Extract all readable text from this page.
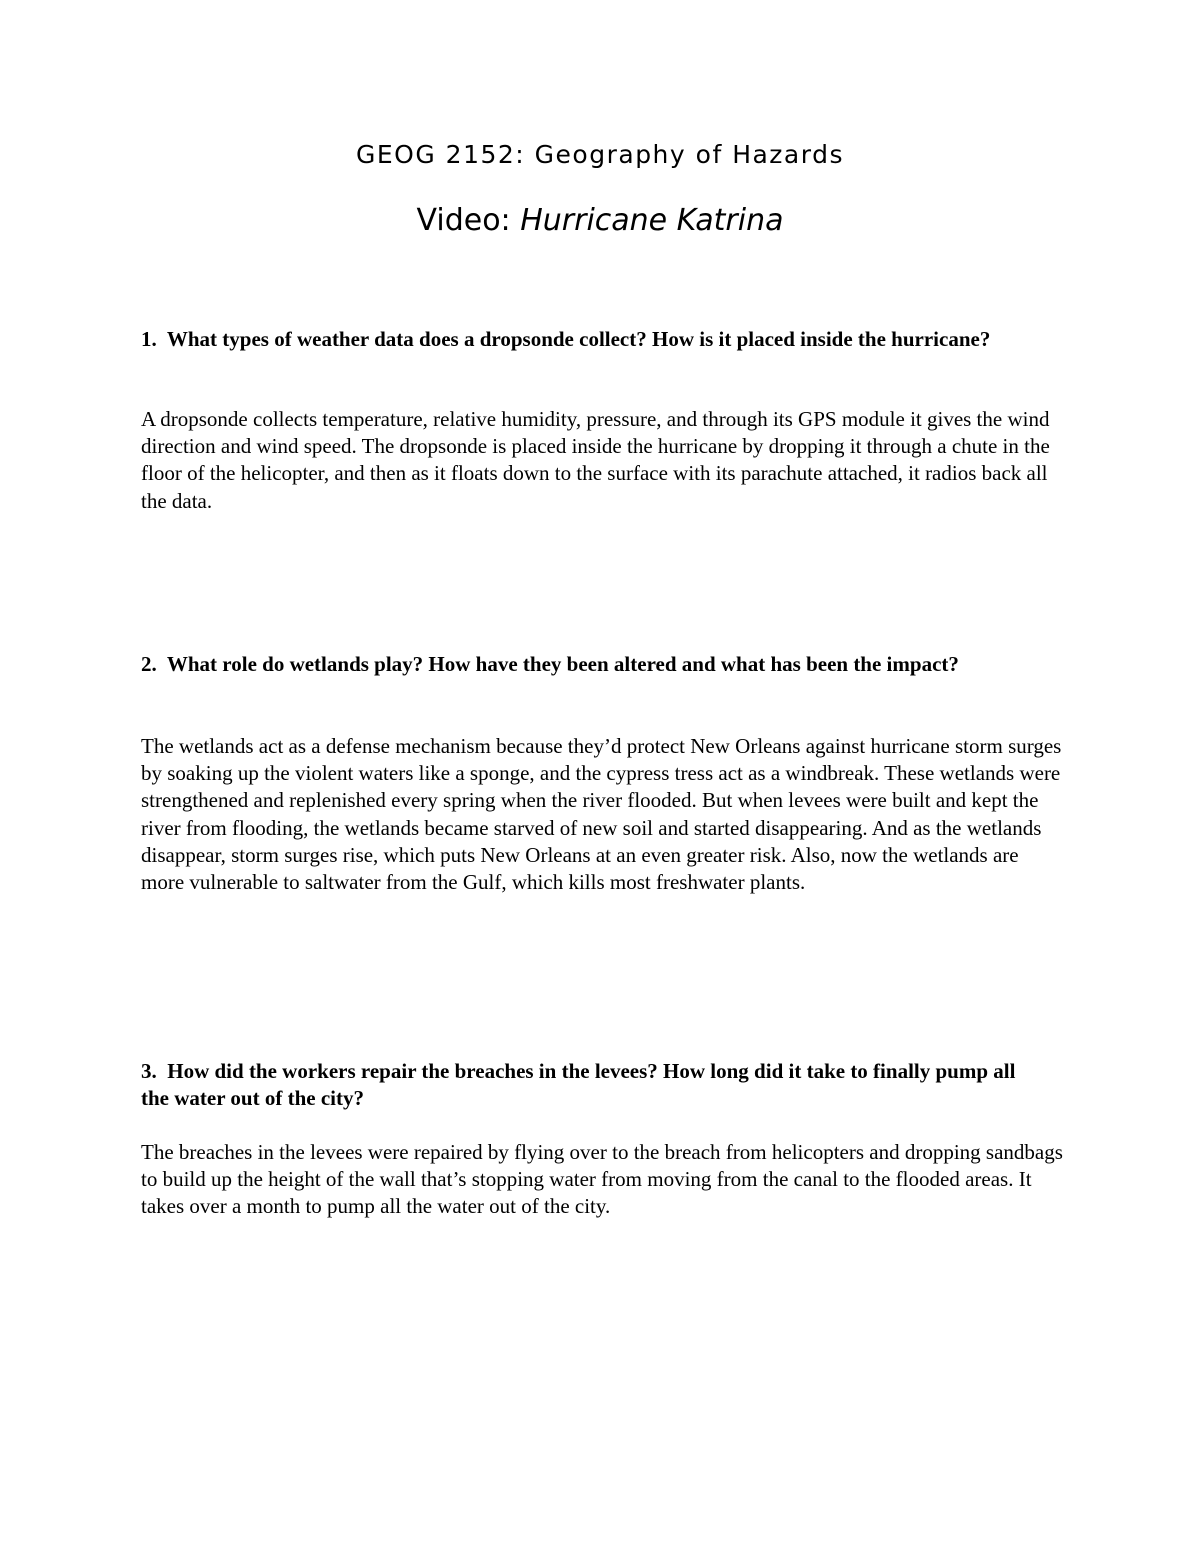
GEOG 2152: Geography of Hazards
Video: Hurricane Katrina

1. What types of weather data does a dropsonde collect? How is it placed inside the hurricane?

A dropsonde collects temperature, relative humidity, pressure, and through its GPS module it gives the wind direction and wind speed. The dropsonde is placed inside the hurricane by dropping it through a chute in the floor of the helicopter, and then as it floats down to the surface with its parachute attached, it radios back all the data.

2. What role do wetlands play? How have they been altered and what has been the impact?

The wetlands act as a defense mechanism because they’d protect New Orleans against hurricane storm surges by soaking up the violent waters like a sponge, and the cypress tress act as a windbreak. These wetlands were strengthened and replenished every spring when the river flooded. But when levees were built and kept the river from flooding, the wetlands became starved of new soil and started disappearing. And as the wetlands disappear, storm surges rise, which puts New Orleans at an even greater risk. Also, now the wetlands are more vulnerable to saltwater from the Gulf, which kills most freshwater plants.

3. How did the workers repair the breaches in the levees? How long did it take to finally pump all the water out of the city?

The breaches in the levees were repaired by flying over to the breach from helicopters and dropping sandbags to build up the height of the wall that’s stopping water from moving from the canal to the flooded areas. It takes over a month to pump all the water out of the city.
